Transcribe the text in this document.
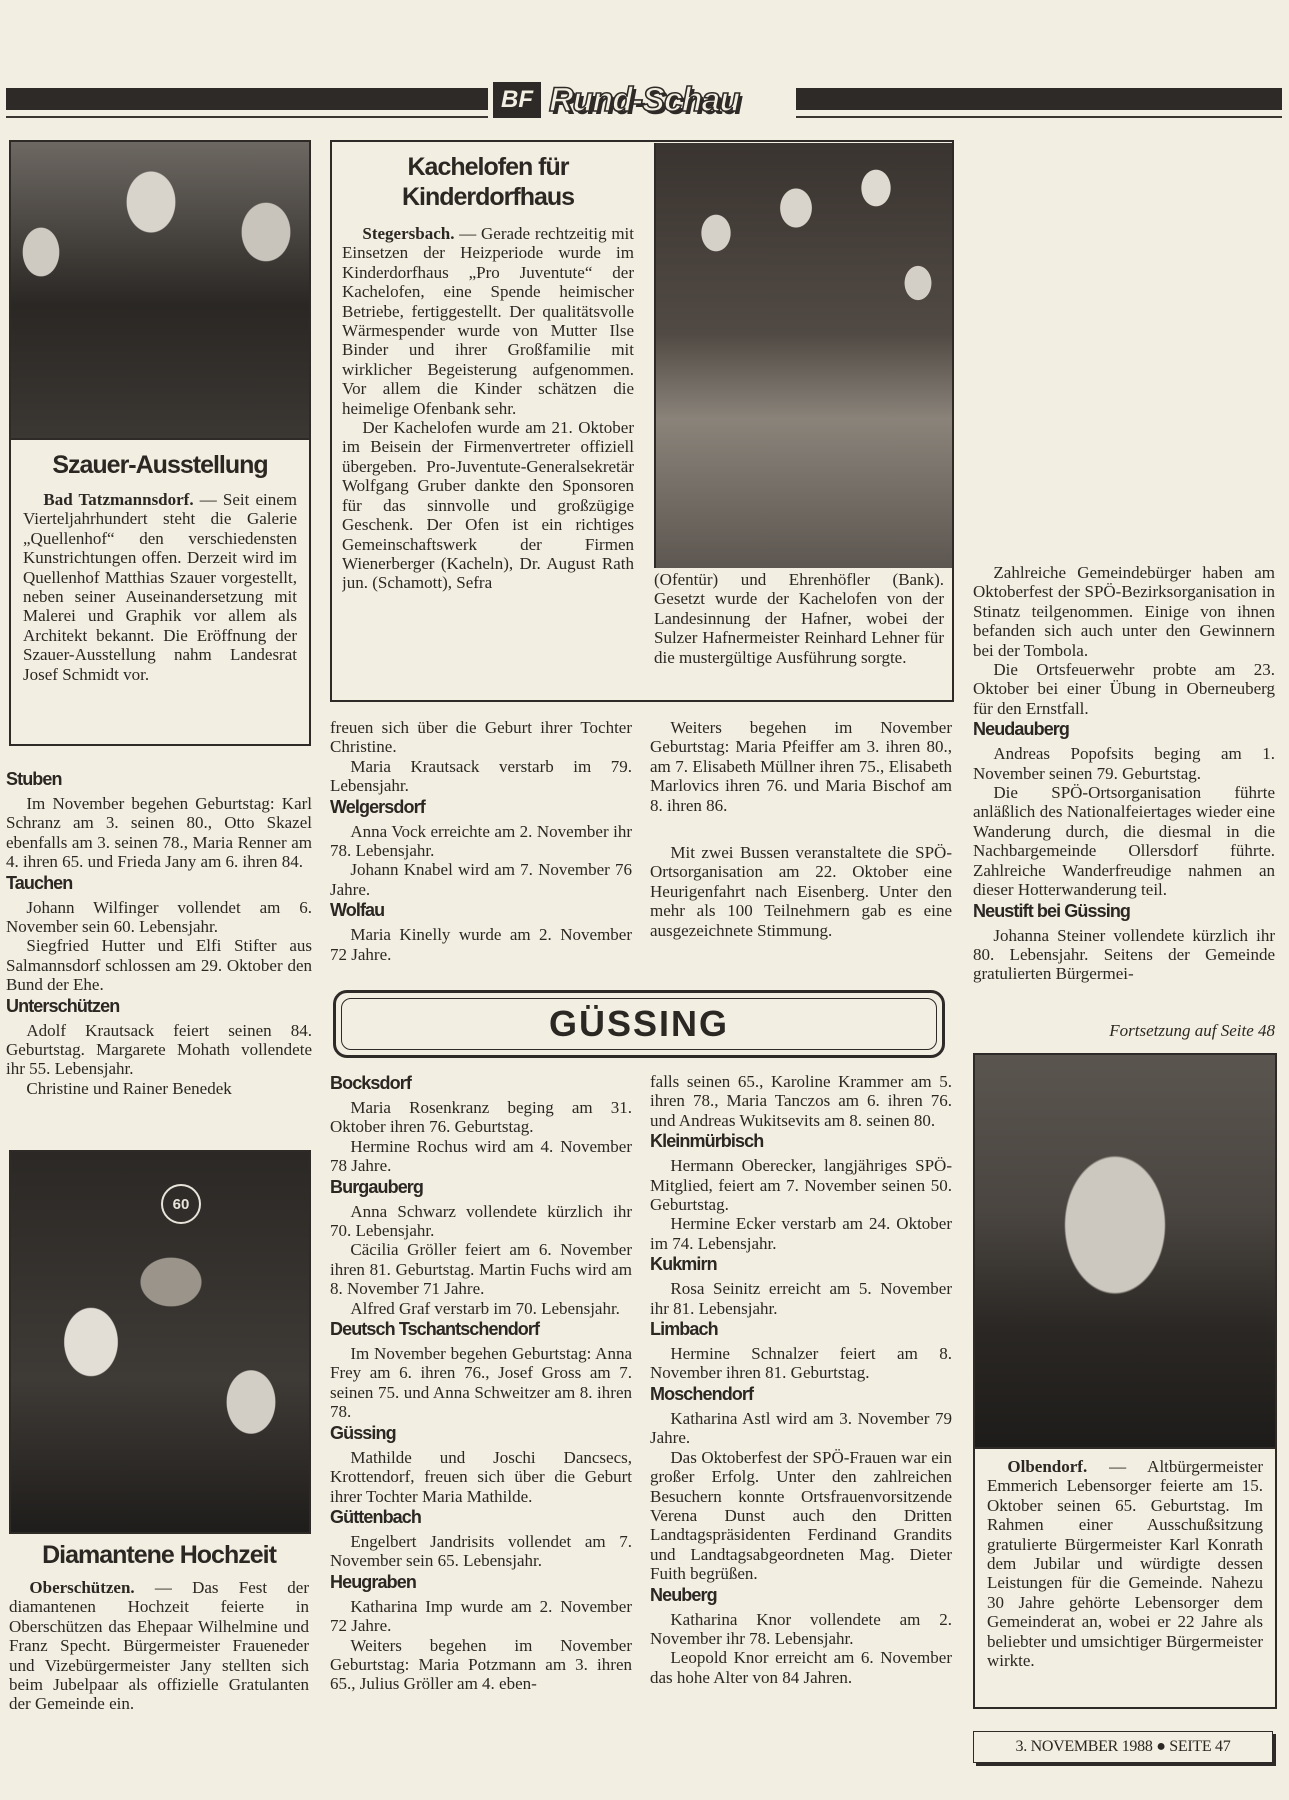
BF Rund-Schau
Szauer-Ausstellung

Bad Tatzmannsdorf. — Seit einem Vierteljahrhundert steht die Galerie „Quellenhof“ den verschiedensten Kunstrichtungen offen. Derzeit wird im Quellenhof Matthias Szauer vorgestellt, neben seiner Auseinandersetzung mit Malerei und Graphik vor allem als Architekt bekannt. Die Eröffnung der Szauer-Ausstellung nahm Landesrat Josef Schmidt vor.

Stuben

Im November begehen Geburtstag: Karl Schranz am 3. seinen 80., Otto Skazel ebenfalls am 3. seinen 78., Maria Renner am 4. ihren 65. und Frieda Jany am 6. ihren 84.

Tauchen

Johann Wilfinger vollendet am 6. November sein 60. Lebensjahr.

Siegfried Hutter und Elfi Stifter aus Salmannsdorf schlossen am 29. Oktober den Bund der Ehe.

Unterschützen

Adolf Krautsack feiert seinen 84. Geburtstag. Margarete Mohath vollendete ihr 55. Lebensjahr.

Christine und Rainer Benedek

60
Diamantene Hochzeit

Oberschützen. — Das Fest der diamantenen Hochzeit feierte in Oberschützen das Ehepaar Wilhelmine und Franz Specht. Bürgermeister Fraueneder und Vizebürgermeister Jany stellten sich beim Jubelpaar als offizielle Gratulanten der Gemeinde ein.

Kachelofen für Kinderdorfhaus

Stegersbach. — Gerade rechtzeitig mit Einsetzen der Heizperiode wurde im Kinderdorfhaus „Pro Juventute“ der Kachelofen, eine Spende heimischer Betriebe, fertiggestellt. Der qualitätsvolle Wärmespender wurde von Mutter Ilse Binder und ihrer Großfamilie mit wirklicher Begeisterung aufgenommen. Vor allem die Kinder schätzen die heimelige Ofenbank sehr.

Der Kachelofen wurde am 21. Oktober im Beisein der Firmenvertreter offiziell übergeben. Pro-Juventute-Generalsekretär Wolfgang Gruber dankte den Sponsoren für das sinnvolle und großzügige Geschenk. Der Ofen ist ein richtiges Gemeinschaftswerk der Firmen Wienerberger (Kacheln), Dr. August Rath jun. (Schamott), Sefra	(Ofentür) und Ehrenhöfler (Bank). Gesetzt wurde der Kachelofen von der Landesinnung der Hafner, wobei der Sulzer Hafnermeister Reinhard Lehner für die mustergültige Ausführung sorgte.

freuen sich über die Geburt ihrer Tochter Christine.

Maria Krautsack verstarb im 79. Lebensjahr.

Welgersdorf

Anna Vock erreichte am 2. November ihr 78. Lebensjahr.

Johann Knabel wird am 7. November 76 Jahre.

Wolfau

Maria Kinelly wurde am 2. November 72 Jahre.

Weiters begehen im November Geburtstag: Maria Pfeiffer am 3. ihren 80., am 7. Elisabeth Müllner ihren 75., Elisabeth Marlovics ihren 76. und Maria Bischof am 8. ihren 86.

Mit zwei Bussen veranstaltete die SPÖ-Ortsorganisation am 22. Oktober eine Heurigenfahrt nach Eisenberg. Unter den mehr als 100 Teilnehmern gab es eine ausgezeichnete Stimmung.

Zahlreiche Gemeindebürger haben am Oktoberfest der SPÖ-Bezirksorganisation in Stinatz teilgenommen. Einige von ihnen befanden sich auch unter den Gewinnern bei der Tombola.

Die Ortsfeuerwehr probte am 23. Oktober bei einer Übung in Oberneuberg für den Ernstfall.

Neudauberg

Andreas Popofsits beging am 1. November seinen 79. Geburtstag.

Die SPÖ-Ortsorganisation führte anläßlich des Nationalfeiertages wieder eine Wanderung durch, die diesmal in die Nachbargemeinde Ollersdorf führte. Zahlreiche Wanderfreudige nahmen an dieser Hotterwanderung teil.

Neustift bei Güssing

Johanna Steiner vollendete kürzlich ihr 80. Lebensjahr. Seitens der Gemeinde gratulierten Bürgermei-

Fortsetzung auf Seite 48
GÜSSING
Bocksdorf

Maria Rosenkranz beging am 31. Oktober ihren 76. Geburtstag.

Hermine Rochus wird am 4. November 78 Jahre.

Burgauberg

Anna Schwarz vollendete kürzlich ihr 70. Lebensjahr.

Cäcilia Gröller feiert am 6. November ihren 81. Geburtstag. Martin Fuchs wird am 8. November 71 Jahre.

Alfred Graf verstarb im 70. Lebensjahr.

Deutsch Tschantschendorf

Im November begehen Geburtstag: Anna Frey am 6. ihren 76., Josef Gross am 7. seinen 75. und Anna Schweitzer am 8. ihren 78.

Güssing

Mathilde und Joschi Dancsecs, Krottendorf, freuen sich über die Geburt ihrer Tochter Maria Mathilde.

Güttenbach

Engelbert Jandrisits vollendet am 7. November sein 65. Lebensjahr.

Heugraben

Katharina Imp wurde am 2. November 72 Jahre.

Weiters begehen im November Geburtstag: Maria Potzmann am 3. ihren 65., Julius Gröller am 4. eben-

falls seinen 65., Karoline Krammer am 5. ihren 78., Maria Tanczos am 6. ihren 76. und Andreas Wukitsevits am 8. seinen 80.

Kleinmürbisch

Hermann Oberecker, langjähriges SPÖ-Mitglied, feiert am 7. November seinen 50. Geburtstag.

Hermine Ecker verstarb am 24. Oktober im 74. Lebensjahr.

Kukmirn

Rosa Seinitz erreicht am 5. November ihr 81. Lebensjahr.

Limbach

Hermine Schnalzer feiert am 8. November ihren 81. Geburtstag.

Moschendorf

Katharina Astl wird am 3. November 79 Jahre.

Das Oktoberfest der SPÖ-Frauen war ein großer Erfolg. Unter den zahlreichen Besuchern konnte Ortsfrauenvorsitzende Verena Dunst auch den Dritten Landtagspräsidenten Ferdinand Grandits und Landtagsabgeordneten Mag. Dieter Fuith begrüßen.

Neuberg

Katharina Knor vollendete am 2. November ihr 78. Lebensjahr.

Leopold Knor erreicht am 6. November das hohe Alter von 84 Jahren.

Olbendorf. — Altbürgermeister Emmerich Lebensorger feierte am 15. Oktober seinen 65. Geburtstag. Im Rahmen einer Ausschußsitzung gratulierte Bürgermeister Karl Konrath dem Jubilar und würdigte dessen Leistungen für die Gemeinde. Nahezu 30 Jahre gehörte Lebensorger dem Gemeinderat an, wobei er 22 Jahre als beliebter und umsichtiger Bürgermeister wirkte.

3. NOVEMBER 1988 ● SEITE 47
